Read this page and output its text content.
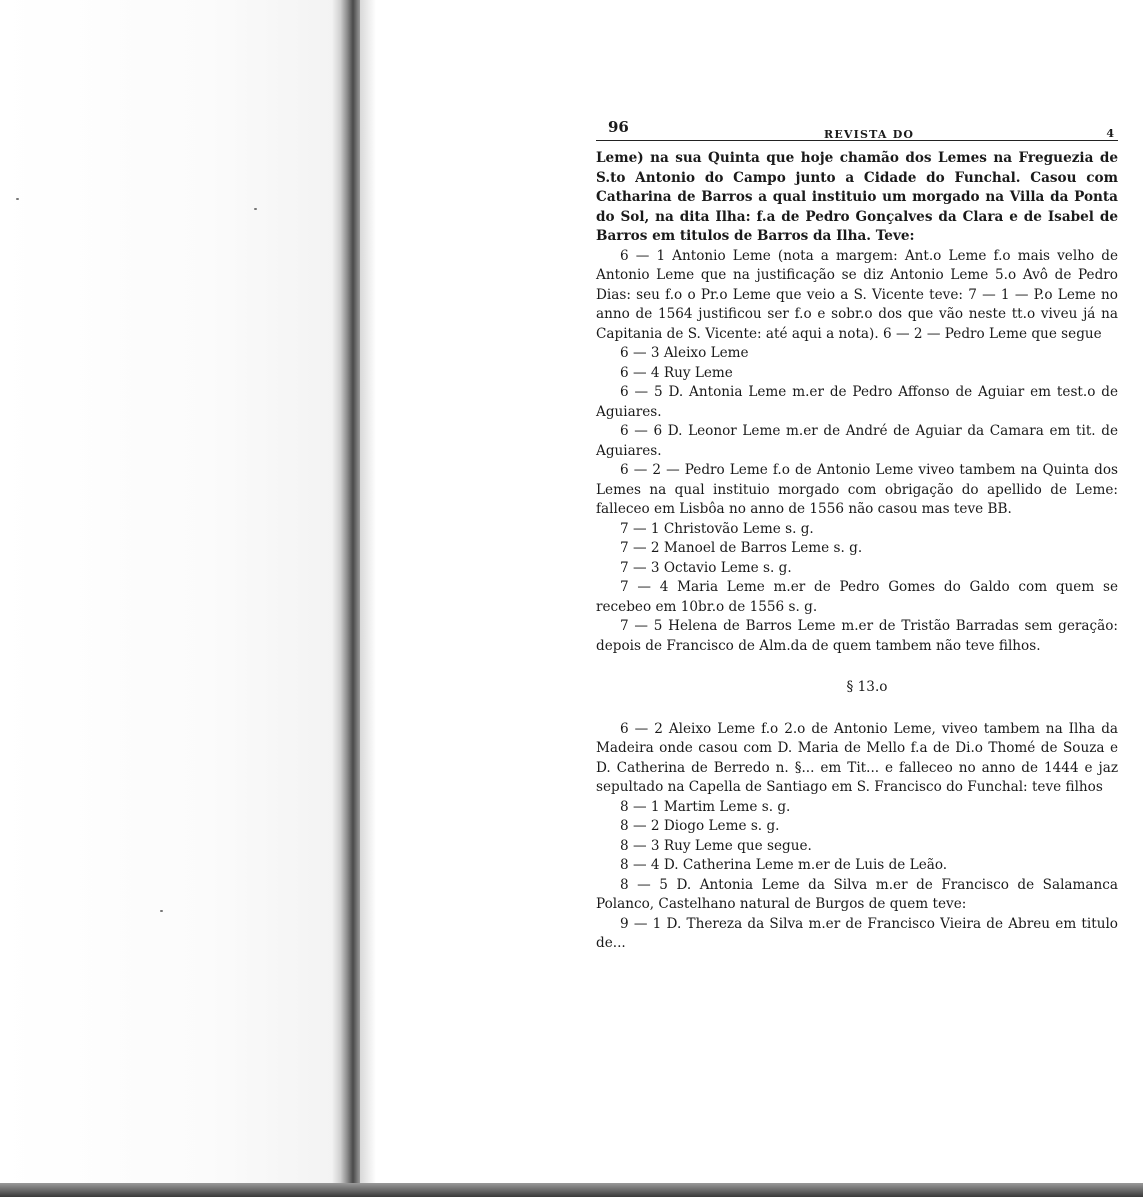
96	REVISTA DO	4

Leme) na sua Quinta que hoje chamão dos Lemes na Freguezia de S.to Antonio do Campo junto a Cidade do Funchal. Casou com Catharina de Barros a qual instituio um morgado na Villa da Ponta do Sol, na dita Ilha: f.a de Pedro Gonçalves da Clara e de Isabel de Barros em titulos de Barros da Ilha. Teve:

6 — 1 Antonio Leme (nota a margem: Ant.o Leme f.o mais velho de Antonio Leme que na justificação se diz Antonio Leme 5.o Avô de Pedro Dias: seu f.o o Pr.o Leme que veio a S. Vicente teve: 7 — 1 — P.o Leme no anno de 1564 justificou ser f.o e sobr.o dos que vão neste tt.o viveu já na Capitania de S. Vicente: até aqui a nota). 6 — 2 — Pedro Leme que segue

6 — 3 Aleixo Leme

6 — 4 Ruy Leme

6 — 5 D. Antonia Leme m.er de Pedro Affonso de Aguiar em test.o de Aguiares.

6 — 6 D. Leonor Leme m.er de André de Aguiar da Camara em tit. de Aguiares.

6 — 2 — Pedro Leme f.o de Antonio Leme viveo tambem na Quinta dos Lemes na qual instituio morgado com obrigação do apellido de Leme: falleceo em Lisbôa no anno de 1556 não casou mas teve BB.

7 — 1 Christovão Leme s. g.

7 — 2 Manoel de Barros Leme s. g.

7 — 3 Octavio Leme s. g.

7 — 4 Maria Leme m.er de Pedro Gomes do Galdo com quem se recebeo em 10br.o de 1556 s. g.

7 — 5 Helena de Barros Leme m.er de Tristão Barradas sem geração: depois de Francisco de Alm.da de quem tambem não teve filhos.

§ 13.o

6 — 2 Aleixo Leme f.o 2.o de Antonio Leme, viveo tambem na Ilha da Madeira onde casou com D. Maria de Mello f.a de Di.o Thomé de Souza e D. Catherina de Berredo n. §... em Tit... e falleceo no anno de 1444 e jaz sepultado na Capella de Santiago em S. Francisco do Funchal: teve filhos

8 — 1 Martim Leme s. g.

8 — 2 Diogo Leme s. g.

8 — 3 Ruy Leme que segue.

8 — 4 D. Catherina Leme m.er de Luis de Leão.

8 — 5 D. Antonia Leme da Silva m.er de Francisco de Salamanca Polanco, Castelhano natural de Burgos de quem teve:

9 — 1 D. Thereza da Silva m.er de Francisco Vieira de Abreu em titulo de...
